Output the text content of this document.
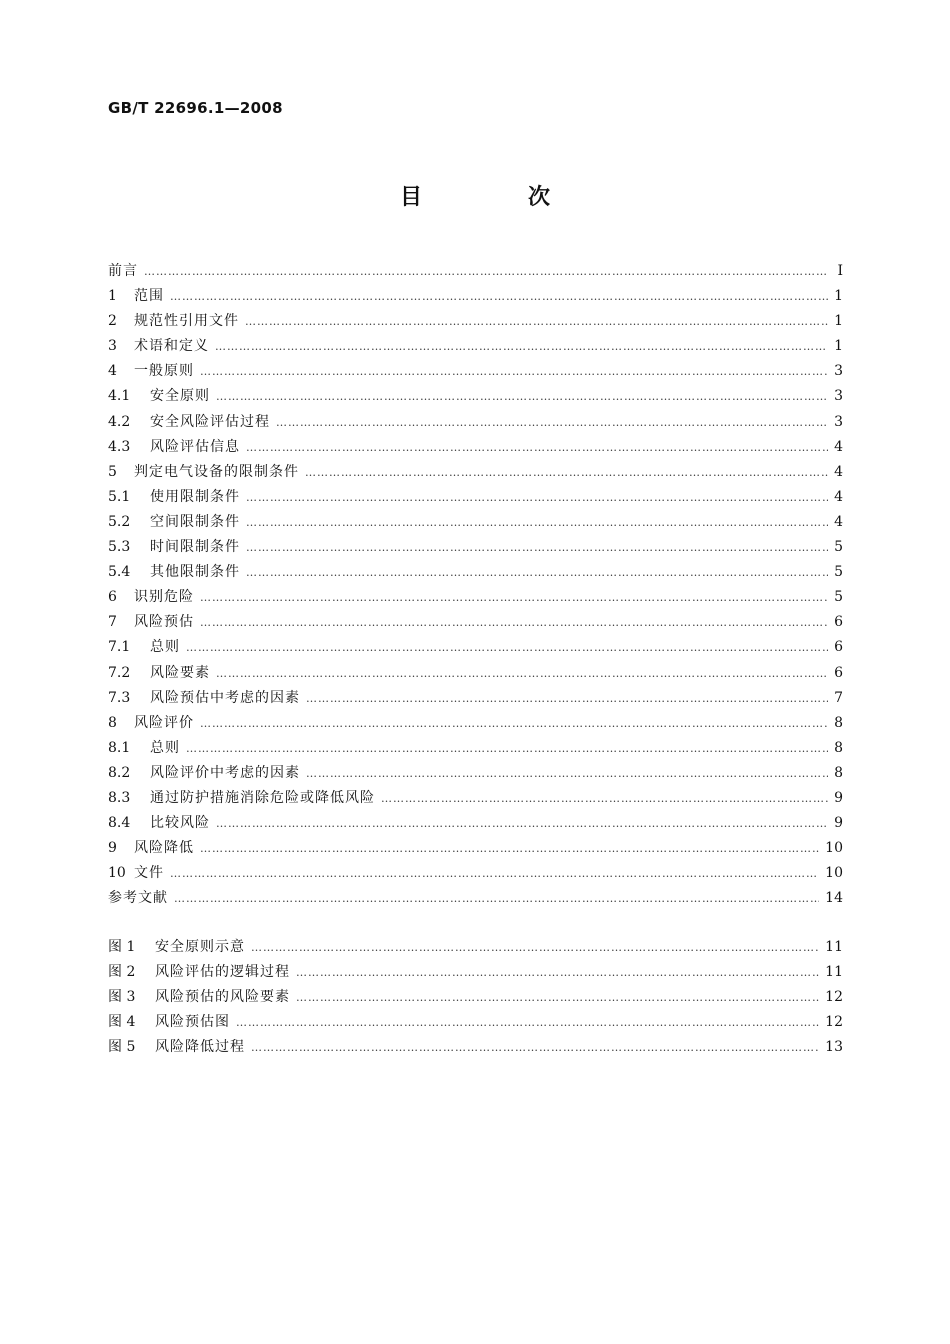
GB/T 22696.1—2008
目　次
前言 ……………………………………………………………………………………………………………………………………………………………………………………………………………………………………………………………	Ⅰ
1	范围 ……………………………………………………………………………………………………………………………………………………………………………………………………………………………………………………………	1
2	规范性引用文件 ……………………………………………………………………………………………………………………………………………………………………………………………………………………………………………………………	1
3	术语和定义 ……………………………………………………………………………………………………………………………………………………………………………………………………………………………………………………………	1
4	一般原则 ……………………………………………………………………………………………………………………………………………………………………………………………………………………………………………………………	3
4.1	安全原则 ……………………………………………………………………………………………………………………………………………………………………………………………………………………………………………………………	3
4.2	安全风险评估过程 ……………………………………………………………………………………………………………………………………………………………………………………………………………………………………………………………	3
4.3	风险评估信息 ……………………………………………………………………………………………………………………………………………………………………………………………………………………………………………………………	4
5	判定电气设备的限制条件 ……………………………………………………………………………………………………………………………………………………………………………………………………………………………………………………………	4
5.1	使用限制条件 ……………………………………………………………………………………………………………………………………………………………………………………………………………………………………………………………	4
5.2	空间限制条件 ……………………………………………………………………………………………………………………………………………………………………………………………………………………………………………………………	4
5.3	时间限制条件 ……………………………………………………………………………………………………………………………………………………………………………………………………………………………………………………………	5
5.4	其他限制条件 ……………………………………………………………………………………………………………………………………………………………………………………………………………………………………………………………	5
6	识别危险 ……………………………………………………………………………………………………………………………………………………………………………………………………………………………………………………………	5
7	风险预估 ……………………………………………………………………………………………………………………………………………………………………………………………………………………………………………………………	6
7.1	总则 ……………………………………………………………………………………………………………………………………………………………………………………………………………………………………………………………	6
7.2	风险要素 ……………………………………………………………………………………………………………………………………………………………………………………………………………………………………………………………	6
7.3	风险预估中考虑的因素 ……………………………………………………………………………………………………………………………………………………………………………………………………………………………………………………………	7
8	风险评价 ……………………………………………………………………………………………………………………………………………………………………………………………………………………………………………………………	8
8.1	总则 ……………………………………………………………………………………………………………………………………………………………………………………………………………………………………………………………	8
8.2	风险评价中考虑的因素 ……………………………………………………………………………………………………………………………………………………………………………………………………………………………………………………………	8
8.3	通过防护措施消除危险或降低风险 ……………………………………………………………………………………………………………………………………………………………………………………………………………………………………………………………	9
8.4	比较风险 ……………………………………………………………………………………………………………………………………………………………………………………………………………………………………………………………	9
9	风险降低 ……………………………………………………………………………………………………………………………………………………………………………………………………………………………………………………………	10
10 文件 ……………………………………………………………………………………………………………………………………………………………………………………………………………………………………………………………	10
参考文献 ……………………………………………………………………………………………………………………………………………………………………………………………………………………………………………………………	14
图 1	安全原则示意 ……………………………………………………………………………………………………………………………………………………………………………………………………………………………………………………………	11
图 2	风险评估的逻辑过程 ……………………………………………………………………………………………………………………………………………………………………………………………………………………………………………………………	11
图 3	风险预估的风险要素 ……………………………………………………………………………………………………………………………………………………………………………………………………………………………………………………………	12
图 4	风险预估图 ……………………………………………………………………………………………………………………………………………………………………………………………………………………………………………………………	12
图 5	风险降低过程 ……………………………………………………………………………………………………………………………………………………………………………………………………………………………………………………………	13
